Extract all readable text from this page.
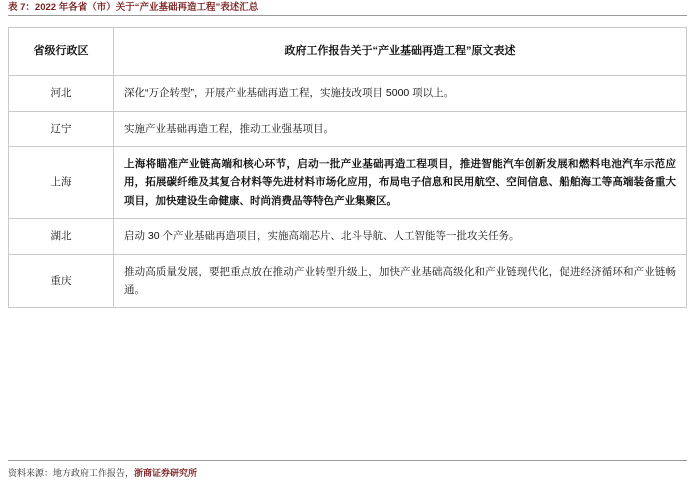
表 7：2022 年各省（市）关于“产业基础再造工程”表述汇总
省级行政区	政府工作报告关于“产业基础再造工程”原文表述
河北	深化“万企转型”，开展产业基础再造工程，实施技改项目 5000 项以上。
辽宁	实施产业基础再造工程，推动工业强基项目。
上海	上海将瞄准产业链高端和核心环节，启动一批产业基础再造工程项目，推进智能汽车创新发展和燃料电池汽车示范应用，拓展碳纤维及其复合材料等先进材料市场化应用，布局电子信息和民用航空、空间信息、船舶海工等高端装备重大项目，加快建设生命健康、时尚消费品等特色产业集聚区。
湖北	启动 30 个产业基础再造项目，实施高端芯片、北斗导航、人工智能等一批攻关任务。
重庆	推动高质量发展，要把重点放在推动产业转型升级上，加快产业基础高级化和产业链现代化，促进经济循环和产业链畅通。
资料来源：地方政府工作报告，浙商证券研究所
